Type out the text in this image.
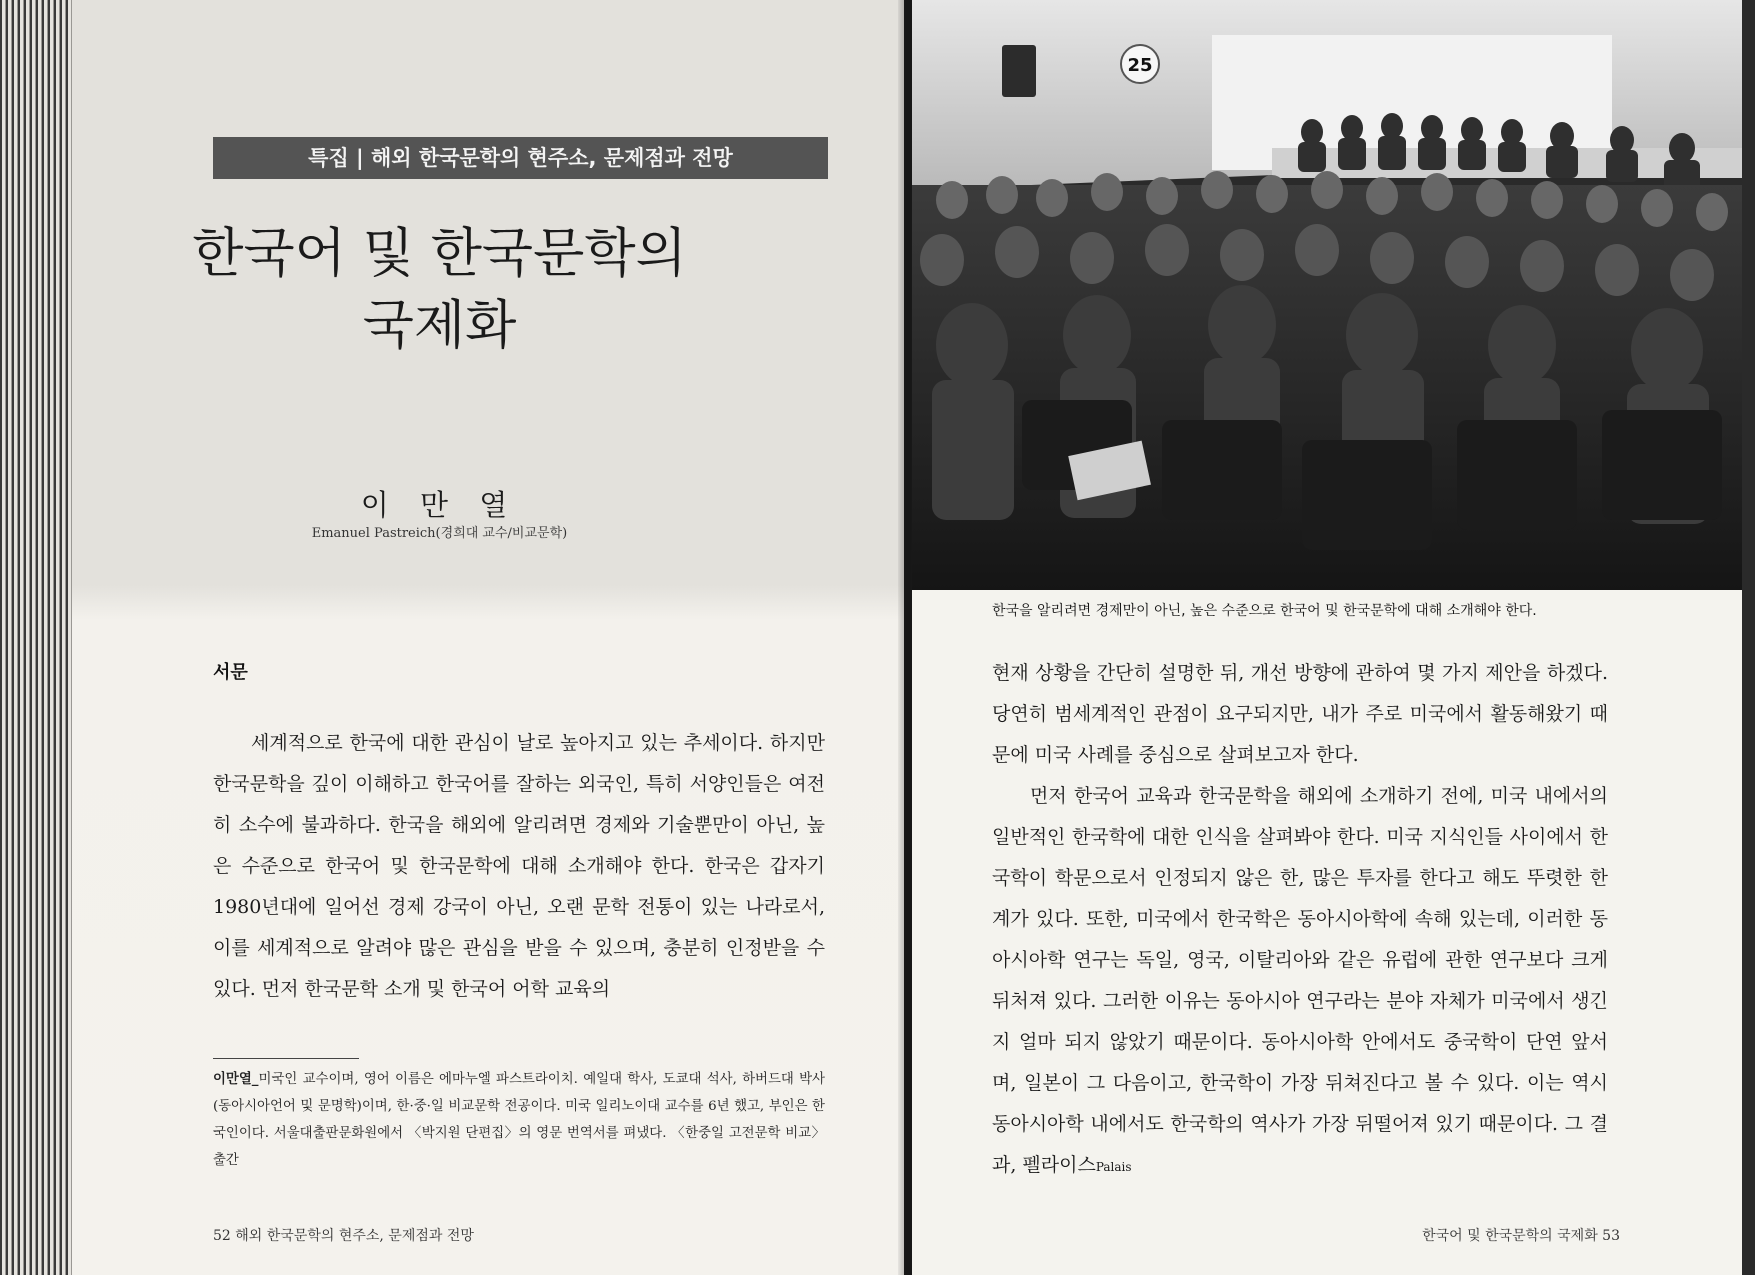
특집 | 해외 한국문학의 현주소, 문제점과 전망
한국어 및 한국문학의
국제화
이 만 열
Emanuel Pastreich(경희대 교수/비교문학)
서문
세계적으로 한국에 대한 관심이 날로 높아지고 있는 추세이다. 하지만 한국문학을 깊이 이해하고 한국어를 잘하는 외국인, 특히 서양인들은 여전히 소수에 불과하다. 한국을 해외에 알리려면 경제와 기술뿐만이 아닌, 높은 수준으로 한국어 및 한국문학에 대해 소개해야 한다. 한국은 갑자기 1980년대에 일어선 경제 강국이 아닌, 오랜 문학 전통이 있는 나라로서, 이를 세계적으로 알려야 많은 관심을 받을 수 있으며, 충분히 인정받을 수 있다. 먼저 한국문학 소개 및 한국어 어학 교육의
이만열_미국인 교수이며, 영어 이름은 에마누엘 파스트라이치. 예일대 학사, 도쿄대 석사, 하버드대 박사(동아시아언어 및 문명학)이며, 한·중·일 비교문학 전공이다. 미국 일리노이대 교수를 6년 했고, 부인은 한국인이다. 서울대출판문화원에서 〈박지원 단편집〉의 영문 번역서를 펴냈다. 〈한중일 고전문학 비교〉 출간
52 해외 한국문학의 현주소, 문제점과 전망
25
한국을 알리려면 경제만이 아닌, 높은 수준으로 한국어 및 한국문학에 대해 소개해야 한다.
현재 상황을 간단히 설명한 뒤, 개선 방향에 관하여 몇 가지 제안을 하겠다. 당연히 범세계적인 관점이 요구되지만, 내가 주로 미국에서 활동해왔기 때문에 미국 사례를 중심으로 살펴보고자 한다.
먼저 한국어 교육과 한국문학을 해외에 소개하기 전에, 미국 내에서의 일반적인 한국학에 대한 인식을 살펴봐야 한다. 미국 지식인들 사이에서 한국학이 학문으로서 인정되지 않은 한, 많은 투자를 한다고 해도 뚜렷한 한계가 있다. 또한, 미국에서 한국학은 동아시아학에 속해 있는데, 이러한 동아시아학 연구는 독일, 영국, 이탈리아와 같은 유럽에 관한 연구보다 크게 뒤처져 있다. 그러한 이유는 동아시아 연구라는 분야 자체가 미국에서 생긴 지 얼마 되지 않았기 때문이다. 동아시아학 안에서도 중국학이 단연 앞서며, 일본이 그 다음이고, 한국학이 가장 뒤쳐진다고 볼 수 있다. 이는 역시 동아시아학 내에서도 한국학의 역사가 가장 뒤떨어져 있기 때문이다. 그 결과, 펠라이스Palais
한국어 및 한국문학의 국제화 53
